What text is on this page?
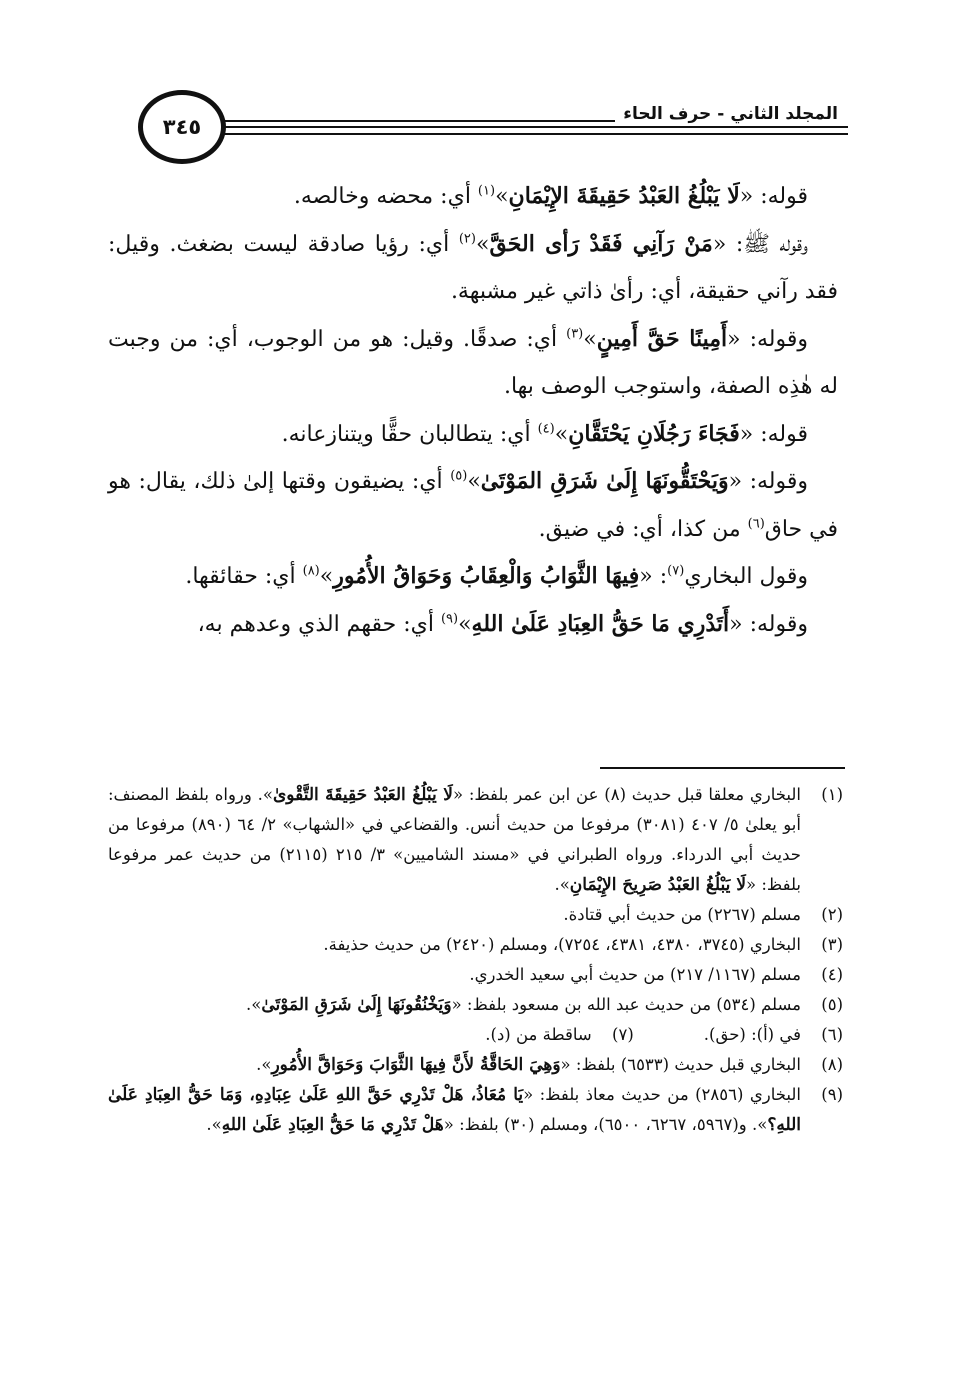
المجلد الثاني-حرف الحاء
٣٤٥

قوله: «لَا يَبْلُغُ العَبْدُ حَقِيقَةَ الإِيْمَانِ»$^{(١)}$ أي: محضه وخالصه.

وقوله ﷺ: «مَنْ رَآنِي فَقَدْ رَأى الحَقَّ»$^{(٢)}$ أي: رؤيا صادقة ليست بضغث. وقيل: فقد رآني حقيقة، أي: رأىٰ ذاتي غير مشبهة.

وقوله: «أَمِينًا حَقَّ أَمِينٍ»$^{(٣)}$ أي: صدقًا. وقيل: هو من الوجوب، أي: من وجبت له هٰذِه الصفة، واستوجب الوصف بها.

قوله: «فَجَاءَ رَجُلَانِ يَحْتَقَّانِ»$^{(٤)}$ أي: يتطالبان حقًّا ويتنازعانه.

وقوله: «وَيَحْتَقُّونَهَا إِلَىٰ شَرَقِ المَوْتَىٰ»$^{(٥)}$ أي: يضيقون وقتها إلىٰ ذلك، يقال: هو في حاق$^{(٦)}$ من كذا، أي: في ضيق.

وقول البخاري$^{(٧)}$: «فِيهَا الثَّوَابُ وَالْعِقَابُ وَحَوَاقُ الأُمُورِ»$^{(٨)}$ أي: حقائقها.

وقوله: «أَتَدْرِي مَا حَقُّ العِبَادِ عَلَىٰ اللهِ»$^{(٩)}$ أي: حقهم الذي وعدهم به،

(١)
البخاري معلقا قبل حديث (٨) عن ابن عمر بلفظ: «لَا يَبْلُغُ العَبْدُ حَقِيقَةَ التَّقْوىٰ». ورواه بلفظ المصنف: أبو يعلىٰ ٥/ ٤٠٧ (٣٠٨١) مرفوعا من حديث أنس. والقضاعي في «الشهاب» ٢/ ٦٤ (٨٩٠) مرفوعا من حديث أبي الدرداء. ورواه الطبراني في «مسند الشاميين» ٣/ ٢١٥ (٢١١٥) من حديث عمر مرفوعا بلفظ: «لَا يَبْلُغُ العَبْدُ صَرِيحَ الإِيْمَانِ».
(٢)
مسلم (٢٢٦٧) من حديث أبي قتادة.
(٣)
البخاري (٣٧٤٥، ٤٣٨٠، ٤٣٨١، ٧٢٥٤)، ومسلم (٢٤٢٠) من حديث حذيفة.
(٤)
مسلم (١١٦٧/ ٢١٧) من حديث أبي سعيد الخدري.
(٥)
مسلم (٥٣٤) من حديث عبد الله بن مسعود بلفظ: «وَيَخْنُقُونَهَا إِلَىٰ شَرَقِ المَوْتَىٰ».
(٦)
في (أ): (حق).
(٧)
ساقطة من (د).
(٨)
البخاري قبل حديث (٦٥٣٣) بلفظ: «وَهِيَ الحَاقَّةُ لأَنَّ فِيهَا الثَّوَابَ وَحَوَاقَّ الأُمُورِ».
(٩)
البخاري (٢٨٥٦) من حديث معاذ بلفظ: «يَا مُعَاذُ، هَلْ تَدْرِي حَقَّ اللهِ عَلَىٰ عِبَادِهِ، وَمَا حَقُّ العِبَادِ عَلَىٰ اللهِ؟». و(٥٩٦٧، ٦٢٦٧، ٦٥٠٠)، ومسلم (٣٠) بلفظ: «هَلْ تَدْرِي مَا حَقُّ العِبَادِ عَلَىٰ اللهِ».
